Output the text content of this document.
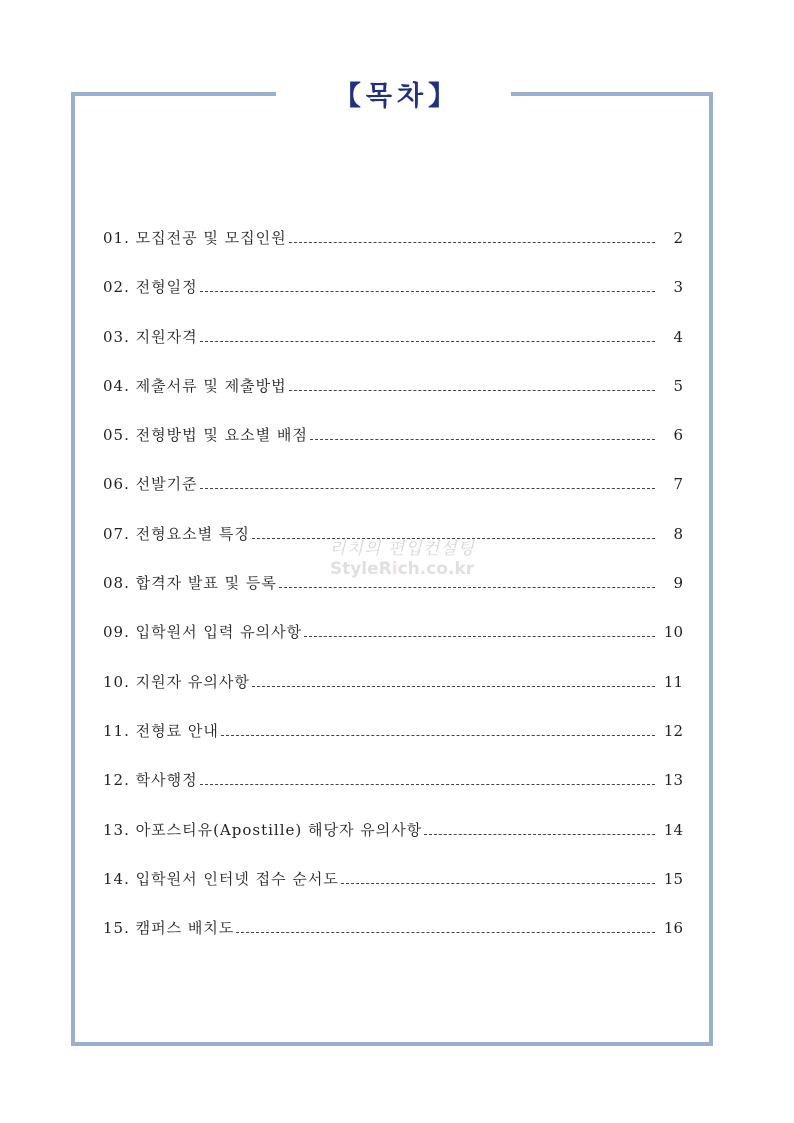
【목차】
01. 모집전공 및 모집인원	2
02. 전형일정	3
03. 지원자격	4
04. 제출서류 및 제출방법	5
05. 전형방법 및 요소별 배점	6
06. 선발기준	7
07. 전형요소별 특징	8
08. 합격자 발표 및 등록	9
09. 입학원서 입력 유의사항	10
10. 지원자 유의사항	11
11. 전형료 안내	12
12. 학사행정	13
13. 아포스티유(Apostille) 해당자 유의사항	14
14. 입학원서 인터넷 접수 순서도	15
15. 캠퍼스 배치도	16
리치의 편입컨설팅
StyleRich.co.kr
